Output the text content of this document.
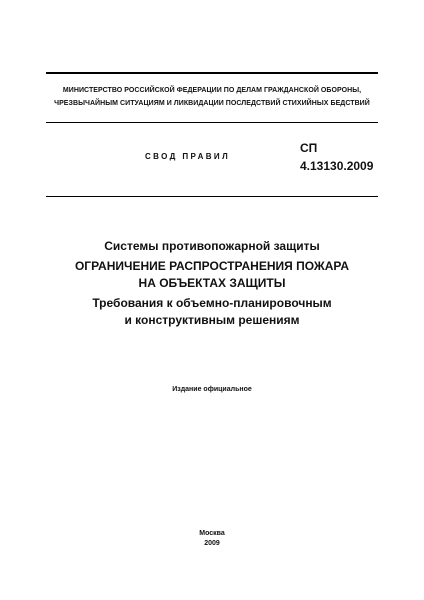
МИНИСТЕРСТВО РОССИЙСКОЙ ФЕДЕРАЦИИ ПО ДЕЛАМ ГРАЖДАНСКОЙ ОБОРОНЫ,
ЧРЕЗВЫЧАЙНЫМ СИТУАЦИЯМ И ЛИКВИДАЦИИ ПОСЛЕДСТВИЙ СТИХИЙНЫХ БЕДСТВИЙ
СВОД ПРАВИЛ
СП
4.13130.2009
Системы противопожарной защиты
ОГРАНИЧЕНИЕ РАСПРОСТРАНЕНИЯ ПОЖАРА
НА ОБЪЕКТАХ ЗАЩИТЫ
Требования к объемно-планировочным
и конструктивным решениям
Издание официальное
Москва
2009
